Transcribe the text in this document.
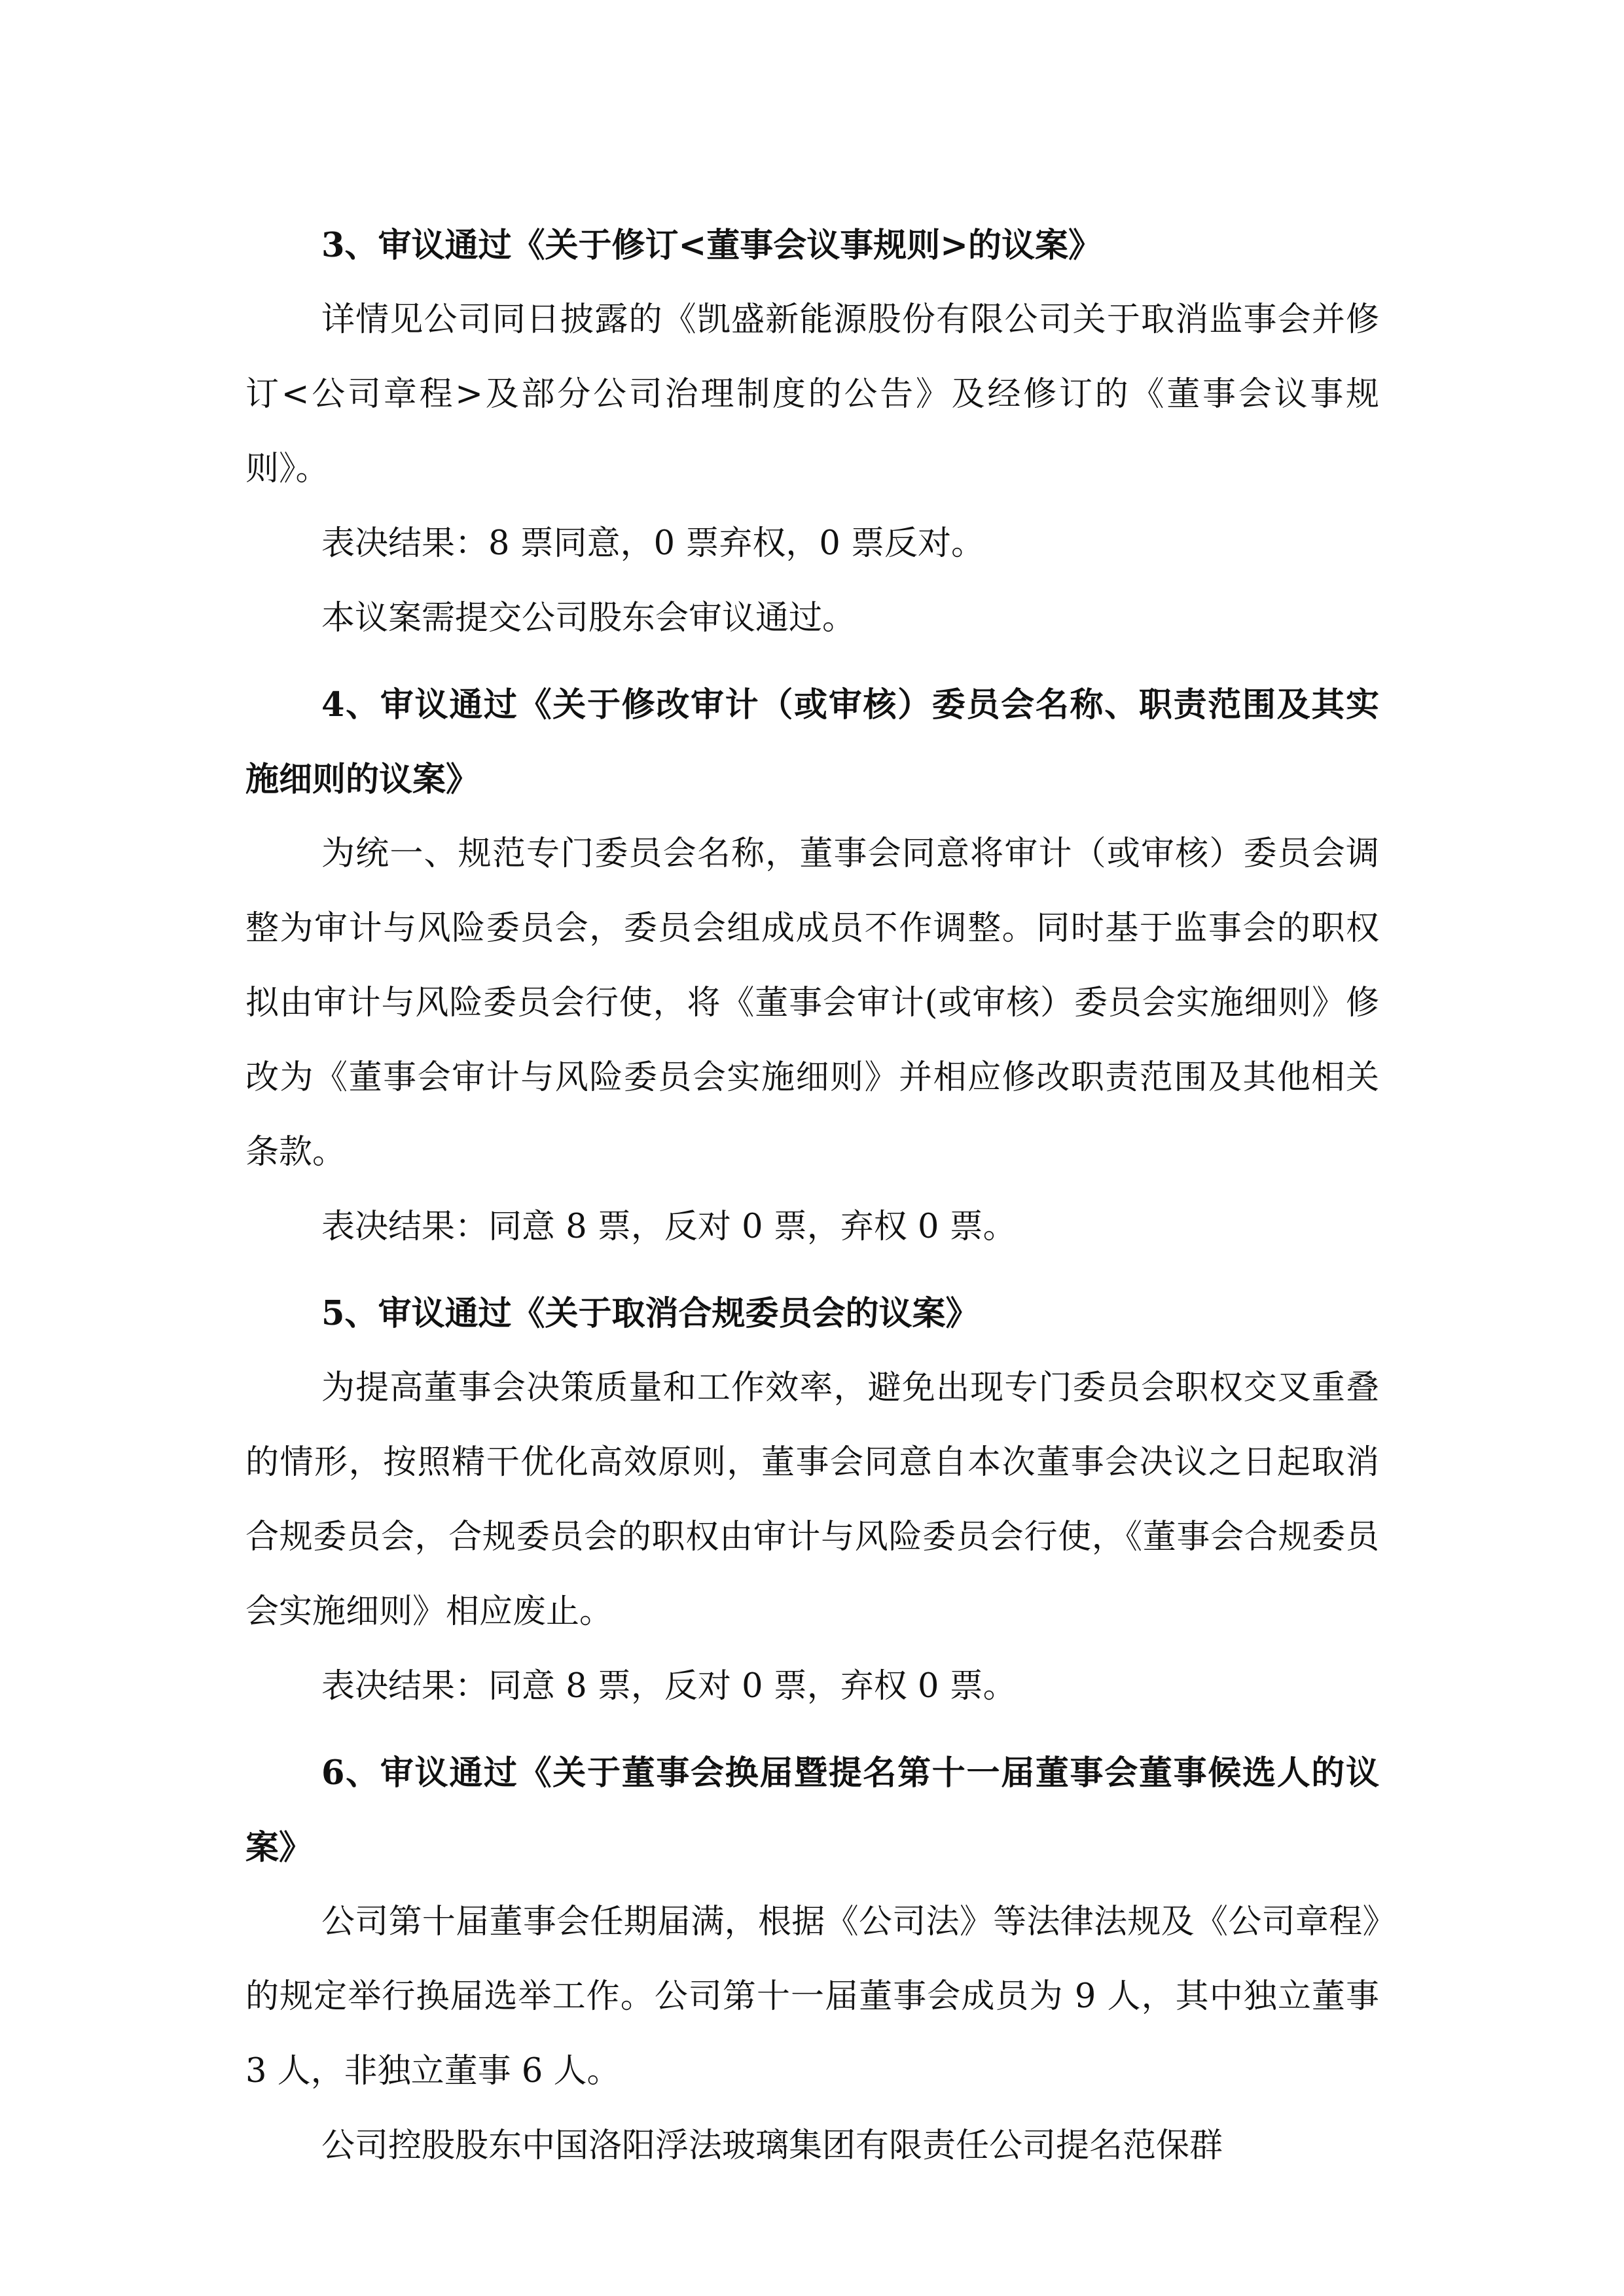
3、审议通过《关于修订<董事会议事规则>的议案》

详情见公司同日披露的《凯盛新能源股份有限公司关于取消监事会并修订<公司章程>及部分公司治理制度的公告》及经修订的《董事会议事规则》。

表决结果：8 票同意，0 票弃权，0 票反对。

本议案需提交公司股东会审议通过。

4、审议通过《关于修改审计（或审核）委员会名称、职责范围及其实施细则的议案》

为统一、规范专门委员会名称，董事会同意将审计（或审核）委员会调整为审计与风险委员会，委员会组成成员不作调整。同时基于监事会的职权拟由审计与风险委员会行使，将《董事会审计(或审核）委员会实施细则》修改为《董事会审计与风险委员会实施细则》并相应修改职责范围及其他相关条款。

表决结果：同意 8 票，反对 0 票，弃权 0 票。

5、审议通过《关于取消合规委员会的议案》

为提高董事会决策质量和工作效率，避免出现专门委员会职权交叉重叠的情形，按照精干优化高效原则，董事会同意自本次董事会决议之日起取消合规委员会，合规委员会的职权由审计与风险委员会行使，《董事会合规委员会实施细则》相应废止。

表决结果：同意 8 票，反对 0 票，弃权 0 票。

6、审议通过《关于董事会换届暨提名第十一届董事会董事候选人的议案》

公司第十届董事会任期届满，根据《公司法》等法律法规及《公司章程》的规定举行换届选举工作。公司第十一届董事会成员为 9 人，其中独立董事 3 人，非独立董事 6 人。

公司控股股东中国洛阳浮法玻璃集团有限责任公司提名范保群
